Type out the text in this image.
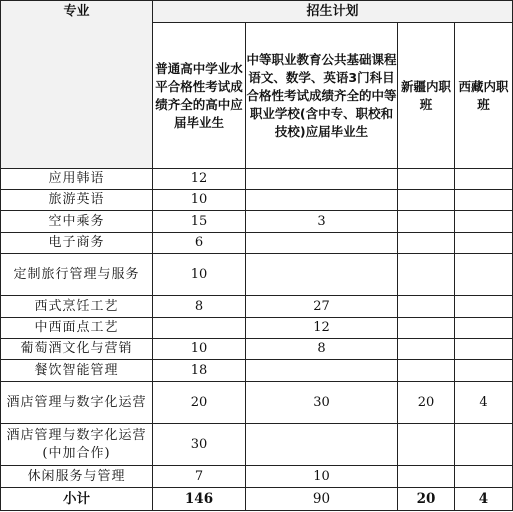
专业	招生计划			
	普通高中学业水平合格性考试成绩齐全的高中应届毕业生	中等职业教育公共基础课程语文、数学、英语3门科目合格性考试成绩齐全的中等职业学校(含中专、职校和技校)应届毕业生	新疆内职班	西藏内职班
应用韩语	12			
旅游英语	10			
空中乘务	15	3		
电子商务	6			
定制旅行管理与服务	10			
西式烹饪工艺	8	27		
中西面点工艺		12		
葡萄酒文化与营销	10	8		
餐饮智能管理	18			
酒店管理与数字化运营	20	30	20	4
酒店管理与数字化运营(中加合作)	30			
休闲服务与管理	7	10		
小计	146	90	20	4
